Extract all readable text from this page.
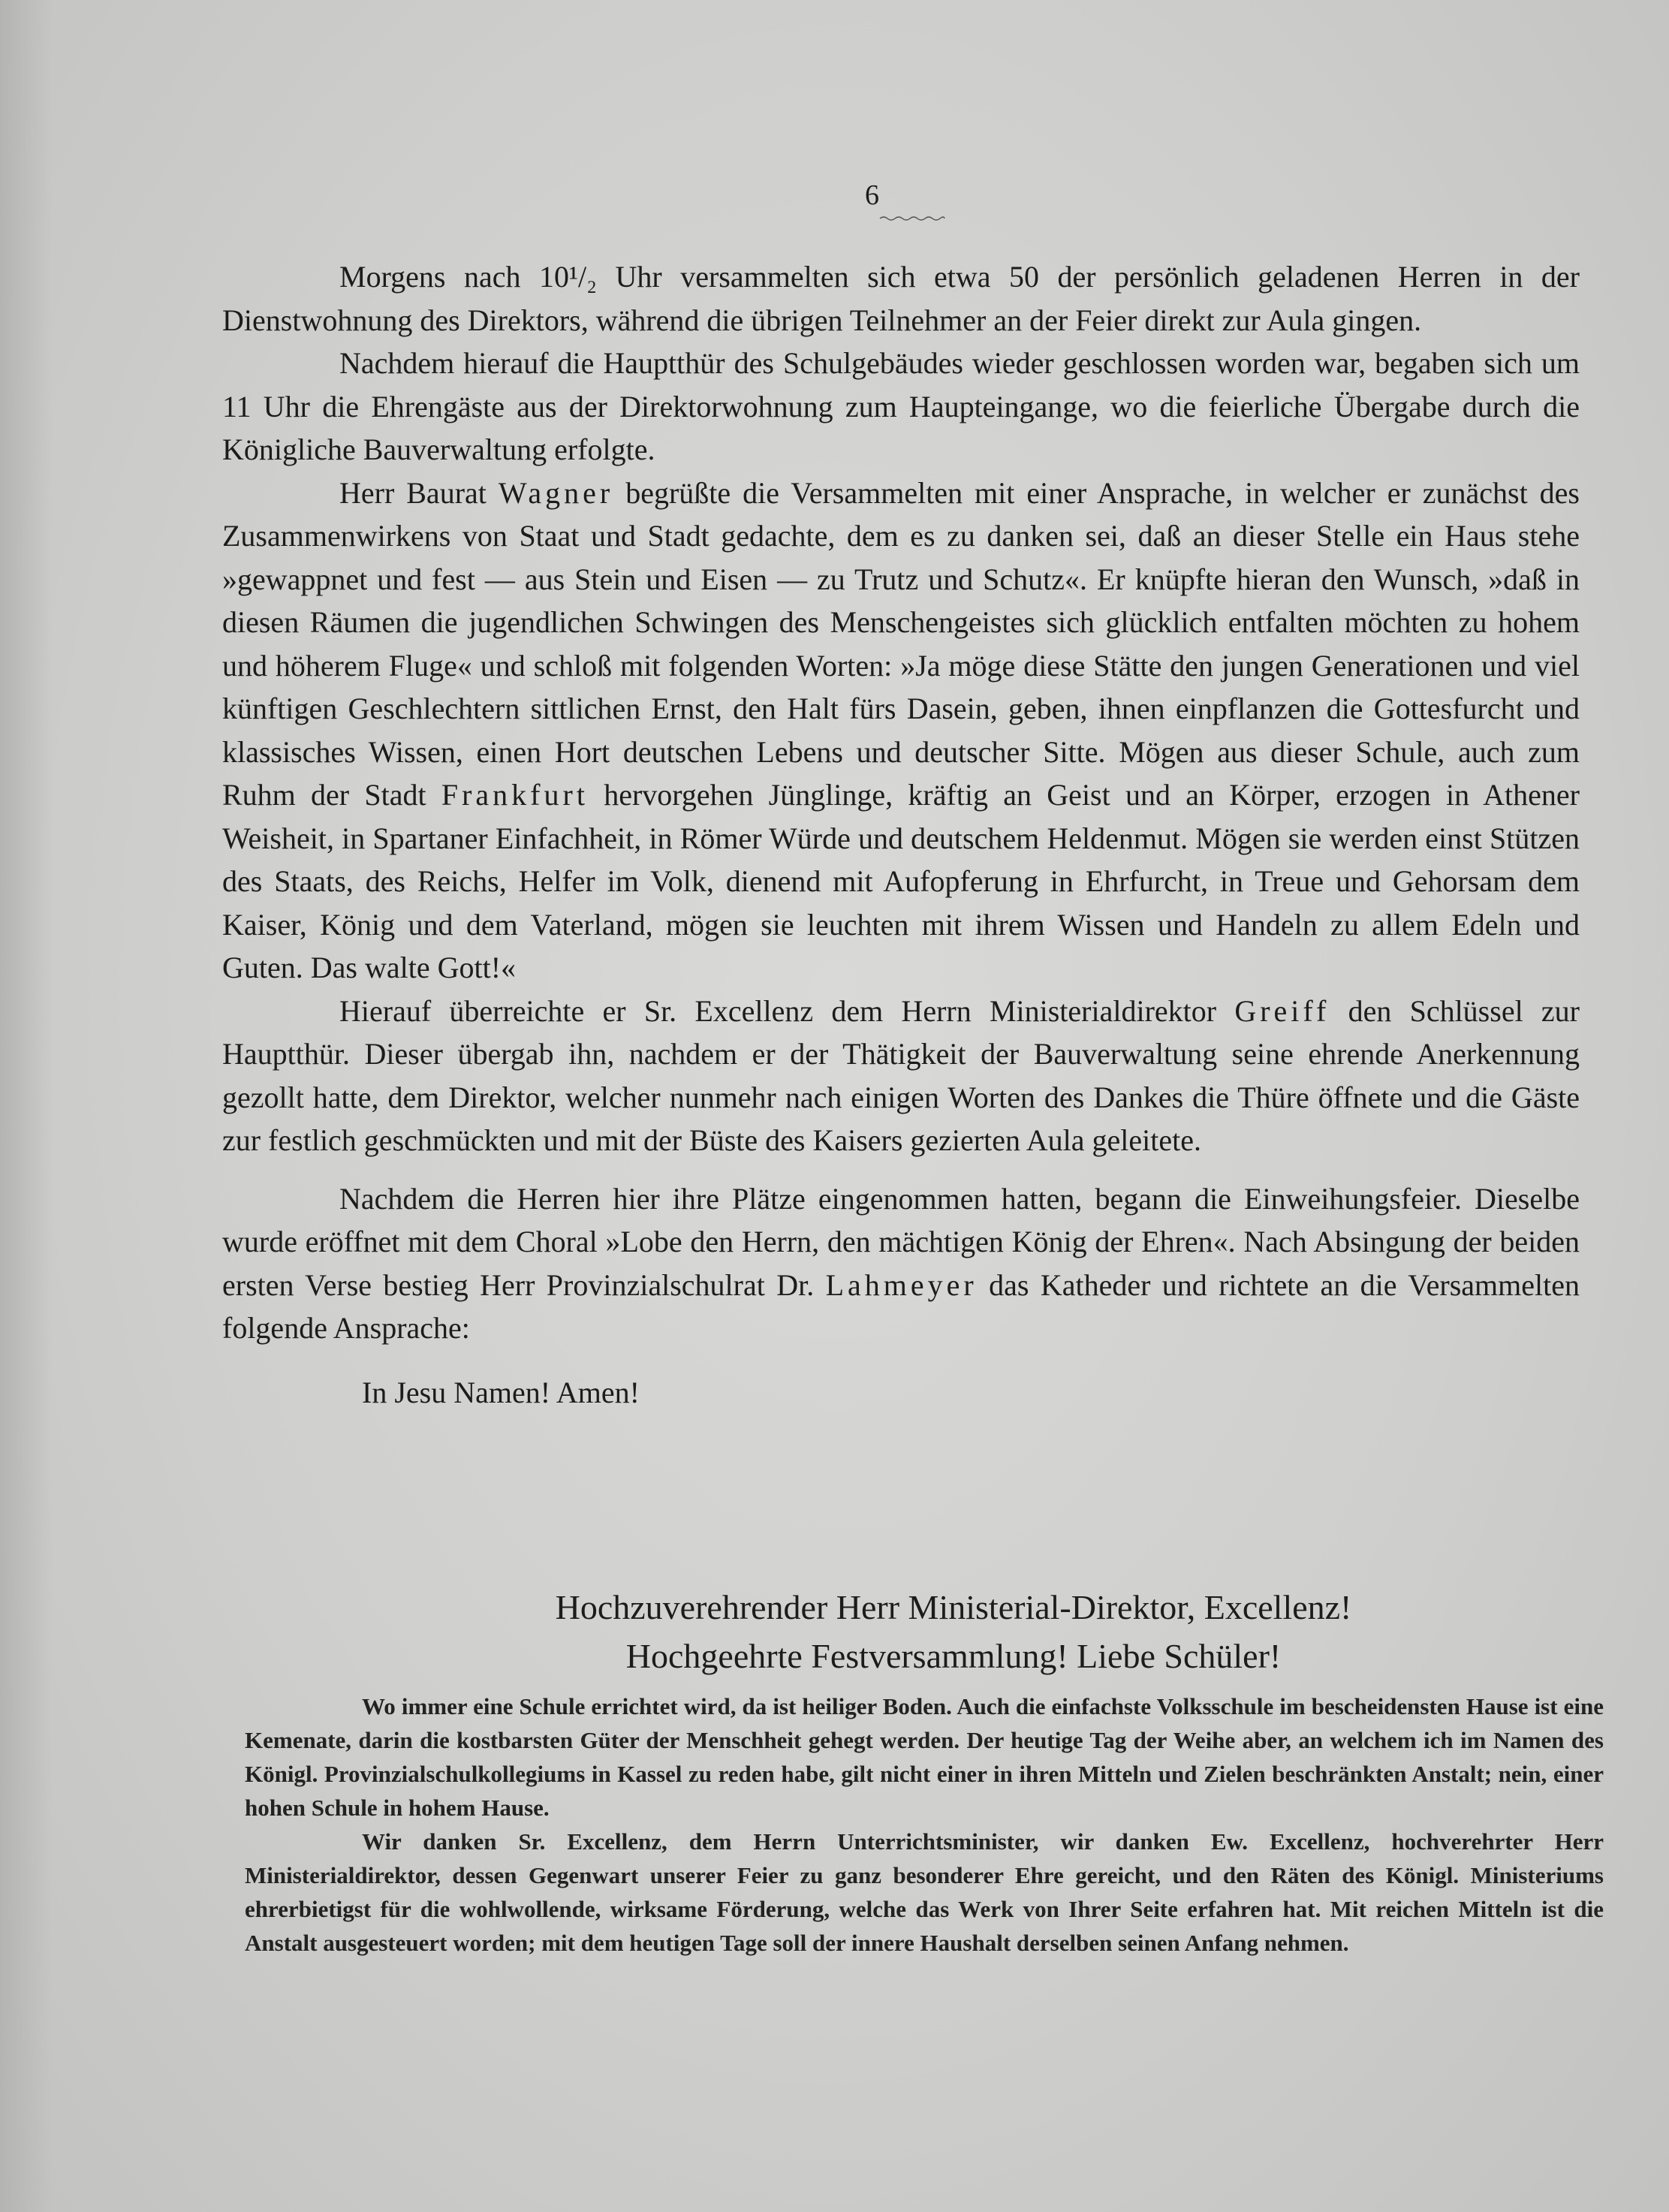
6

Morgens nach 10¹/₂ Uhr versammelten sich etwa 50 der persönlich geladenen Herren in der Dienstwohnung des Direktors, während die übrigen Teilnehmer an der Feier direkt zur Aula gingen.

Nachdem hierauf die Hauptthür des Schulgebäudes wieder geschlossen worden war, begaben sich um 11 Uhr die Ehrengäste aus der Direktorwohnung zum Haupteingange, wo die feierliche Übergabe durch die Königliche Bauverwaltung erfolgte.

Herr Baurat Wagner begrüßte die Versammelten mit einer Ansprache, in welcher er zunächst des Zusammenwirkens von Staat und Stadt gedachte, dem es zu danken sei, daß an dieser Stelle ein Haus stehe »gewappnet und fest — aus Stein und Eisen — zu Trutz und Schutz«. Er knüpfte hieran den Wunsch, »daß in diesen Räumen die jugendlichen Schwingen des Menschengeistes sich glücklich entfalten möchten zu hohem und höherem Fluge« und schloß mit folgenden Worten: »Ja möge diese Stätte den jungen Generationen und viel künftigen Geschlechtern sittlichen Ernst, den Halt fürs Dasein, geben, ihnen einpflanzen die Gottesfurcht und klassisches Wissen, einen Hort deutschen Lebens und deutscher Sitte. Mögen aus dieser Schule, auch zum Ruhm der Stadt Frankfurt hervorgehen Jünglinge, kräftig an Geist und an Körper, erzogen in Athener Weisheit, in Spartaner Einfachheit, in Römer Würde und deutschem Heldenmut. Mögen sie werden einst Stützen des Staats, des Reichs, Helfer im Volk, dienend mit Aufopferung in Ehrfurcht, in Treue und Gehorsam dem Kaiser, König und dem Vaterland, mögen sie leuchten mit ihrem Wissen und Handeln zu allem Edeln und Guten. Das walte Gott!«

Hierauf überreichte er Sr. Excellenz dem Herrn Ministerialdirektor Greiff den Schlüssel zur Hauptthür. Dieser übergab ihn, nachdem er der Thätigkeit der Bauverwaltung seine ehrende Anerkennung gezollt hatte, dem Direktor, welcher nunmehr nach einigen Worten des Dankes die Thüre öffnete und die Gäste zur festlich geschmückten und mit der Büste des Kaisers gezierten Aula geleitete.

Nachdem die Herren hier ihre Plätze eingenommen hatten, begann die Einweihungsfeier. Dieselbe wurde eröffnet mit dem Choral »Lobe den Herrn, den mächtigen König der Ehren«. Nach Absingung der beiden ersten Verse bestieg Herr Provinzialschulrat Dr. Lahmeyer das Katheder und richtete an die Versammelten folgende Ansprache:

In Jesu Namen! Amen!

Hochzuverehrender Herr Ministerial-Direktor, Excellenz!
Hochgeehrte Festversammlung! Liebe Schüler!

Wo immer eine Schule errichtet wird, da ist heiliger Boden. Auch die einfachste Volksschule im bescheidensten Hause ist eine Kemenate, darin die kostbarsten Güter der Menschheit gehegt werden. Der heutige Tag der Weihe aber, an welchem ich im Namen des Königl. Provinzialschulkollegiums in Kassel zu reden habe, gilt nicht einer in ihren Mitteln und Zielen beschränkten Anstalt; nein, einer hohen Schule in hohem Hause.

Wir danken Sr. Excellenz, dem Herrn Unterrichtsminister, wir danken Ew. Excellenz, hochverehrter Herr Ministerialdirektor, dessen Gegenwart unserer Feier zu ganz besonderer Ehre gereicht, und den Räten des Königl. Ministeriums ehrerbietigst für die wohlwollende, wirksame Förderung, welche das Werk von Ihrer Seite erfahren hat. Mit reichen Mitteln ist die Anstalt ausgesteuert worden; mit dem heutigen Tage soll der innere Haushalt derselben seinen Anfang nehmen.
